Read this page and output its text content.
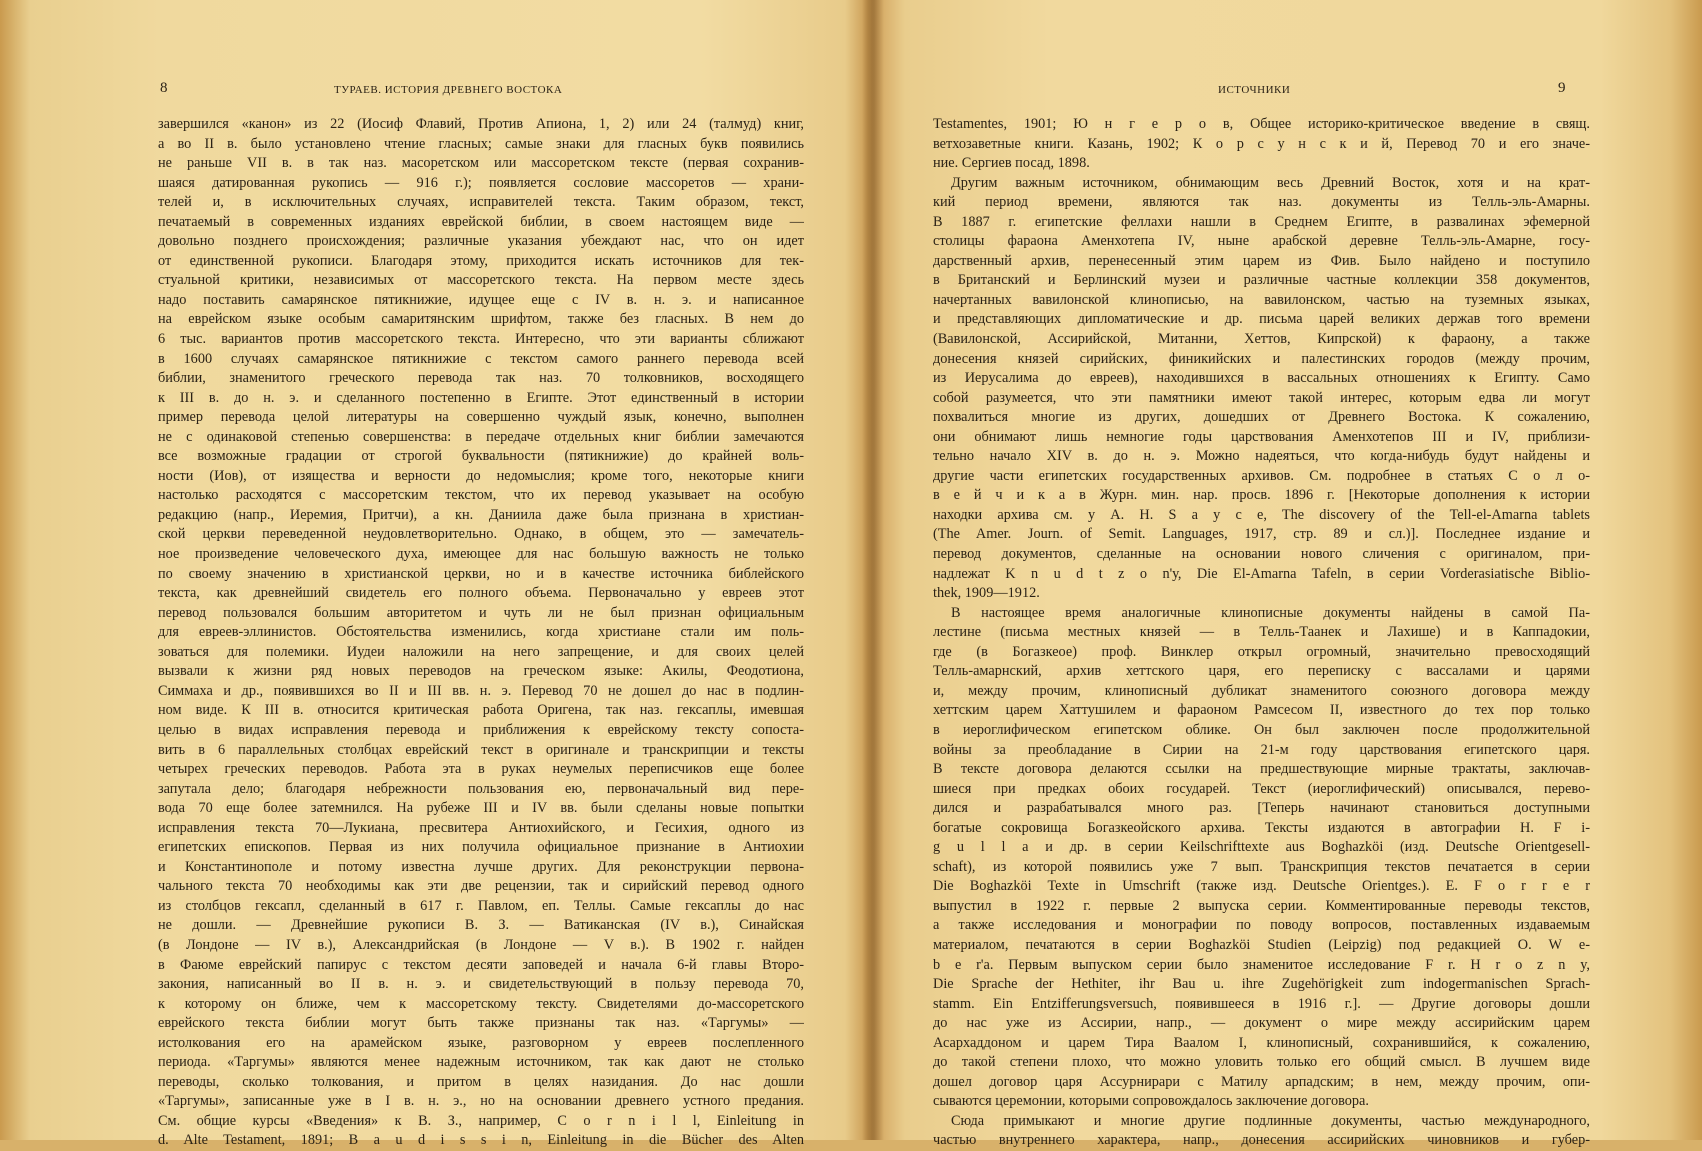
8	ТУРАЕВ. ИСТОРИЯ ДРЕВНЕГО ВОСТОКА
завершился «канон» из 22 (Иосиф Флавий, Против Апиона, 1, 2) или 24 (талмуд) книг,
а во II в. было установлено чтение гласных; самые знаки для гласных букв появились
не раньше VII в. в так наз. масоретском или массоретском тексте (первая сохранив-
шаяся датированная рукопись — 916 г.); появляется сословие массоретов — храни-
телей и, в исключительных случаях, исправителей текста. Таким образом, текст,
печатаемый в современных изданиях еврейской библии, в своем настоящем виде —
довольно позднего происхождения; различные указания убеждают нас, что он идет
от единственной рукописи. Благодаря этому, приходится искать источников для тек-
стуальной критики, независимых от массоретского текста. На первом месте здесь
надо поставить самарянское пятикнижие, идущее еще с IV в. н. э. и написанное
на еврейском языке особым самаритянским шрифтом, также без гласных. В нем до
6 тыс. вариантов против массоретского текста. Интересно, что эти варианты сближают
в 1600 случаях самарянское пятикнижие с текстом самого раннего перевода всей
библии, знаменитого греческого перевода так наз. 70 толковников, восходящего
к III в. до н. э. и сделанного постепенно в Египте. Этот единственный в истории
пример перевода целой литературы на совершенно чуждый язык, конечно, выполнен
не с одинаковой степенью совершенства: в передаче отдельных книг библии замечаются
все возможные градации от строгой буквальности (пятикнижие) до крайней воль-
ности (Иов), от изящества и верности до недомыслия; кроме того, некоторые книги
настолько расходятся с массоретским текстом, что их перевод указывает на особую
редакцию (напр., Иеремия, Притчи), а кн. Даниила даже была признана в христиан-
ской церкви переведенной неудовлетворительно. Однако, в общем, это — замечатель-
ное произведение человеческого духа, имеющее для нас большую важность не только
по своему значению в христианской церкви, но и в качестве источника библейского
текста, как древнейший свидетель его полного объема. Первоначально у евреев этот
перевод пользовался большим авторитетом и чуть ли не был признан официальным
для евреев-эллинистов. Обстоятельства изменились, когда христиане стали им поль-
зоваться для полемики. Иудеи наложили на него запрещение, и для своих целей
вызвали к жизни ряд новых переводов на греческом языке: Акилы, Феодотиона,
Симмаха и др., появившихся во II и III вв. н. э. Перевод 70 не дошел до нас в подлин-
ном виде. К III в. относится критическая работа Оригена, так наз. гексаплы, имевшая
целью в видах исправления перевода и приближения к еврейскому тексту сопоста-
вить в 6 параллельных столбцах еврейский текст в оригинале и транскрипции и тексты
четырех греческих переводов. Работа эта в руках неумелых переписчиков еще более
запутала дело; благодаря небрежности пользования ею, первоначальный вид пере-
вода 70 еще более затемнился. На рубеже III и IV вв. были сделаны новые попытки
исправления текста 70—Лукиана, пресвитера Антиохийского, и Гесихия, одного из
египетских епископов. Первая из них получила официальное признание в Антиохии
и Константинополе и потому известна лучше других. Для реконструкции первона-
чального текста 70 необходимы как эти две рецензии, так и сирийский перевод одного
из столбцов гексапл, сделанный в 617 г. Павлом, еп. Теллы. Самые гексаплы до нас
не дошли. — Древнейшие рукописи В. З. — Ватиканская (IV в.), Синайская
(в Лондоне — IV в.), Александрийская (в Лондоне — V в.). В 1902 г. найден
в Фаюме еврейский папирус с текстом десяти заповедей и начала 6-й главы Второ-
закония, написанный во II в. н. э. и свидетельствующий в пользу перевода 70,
к которому он ближе, чем к массоретскому тексту. Свидетелями до-массоретского
еврейского текста библии могут быть также признаны так наз. «Таргумы» —
истолкования его на арамейском языке, разговорном у евреев послепленного
периода. «Таргумы» являются менее надежным источником, так как дают не столько
переводы, сколько толкования, и притом в целях назидания. До нас дошли
«Таргумы», записанные уже в I в. н. э., но на основании древнего устного предания.
См. общие курсы «Введения» к В. З., например, C o r n i l l, Einleitung in
d. Alte Testament, 1891; B a u d i s s i n, Einleitung in die Bücher des Alten
ИСТОЧНИКИ	9
Testamentes, 1901; Ю н г е р о в, Общее историко-критическое введение в свящ.
ветхозаветные книги. Казань, 1902; К о р с у н с к и й, Перевод 70 и его значе-
ние. Сергиев посад, 1898.
Другим важным источником, обнимающим весь Древний Восток, хотя и на крат-
кий период времени, являются так наз. документы из Телль-эль-Амарны.
В 1887 г. египетские феллахи нашли в Среднем Египте, в развалинах эфемерной
столицы фараона Аменхотепа IV, ныне арабской деревне Телль-эль-Амарне, госу-
дарственный архив, перенесенный этим царем из Фив. Было найдено и поступило
в Британский и Берлинский музеи и различные частные коллекции 358 документов,
начертанных вавилонской клинописью, на вавилонском, частью на туземных языках,
и представляющих дипломатические и др. письма царей великих держав того времени
(Вавилонской, Ассирийской, Митанни, Хеттов, Кипрской) к фараону, а также
донесения князей сирийских, финикийских и палестинских городов (между прочим,
из Иерусалима до евреев), находившихся в вассальных отношениях к Египту. Само
собой разумеется, что эти памятники имеют такой интерес, которым едва ли могут
похвалиться многие из других, дошедших от Древнего Востока. К сожалению,
они обнимают лишь немногие годы царствования Аменхотепов III и IV, приблизи-
тельно начало XIV в. до н. э. Можно надеяться, что когда-нибудь будут найдены и
другие части египетских государственных архивов. См. подробнее в статьях С о л о-
в е й ч и к а в Журн. мин. нар. просв. 1896 г. [Некоторые дополнения к истории
находки архива см. у A. H. S a y c e, The discovery of the Tell-el-Amarna tablets
(The Amer. Journ. of Semit. Languages, 1917, стр. 89 и сл.)]. Последнее издание и
перевод документов, сделанные на основании нового сличения с оригиналом, при-
надлежат K n u d t z o n'у, Die El-Amarna Tafeln, в серии Vorderasiatische Biblio-
thek, 1909—1912.
В настоящее время аналогичные клинописные документы найдены в самой Па-
лестине (письма местных князей — в Телль-Таанек и Лахише) и в Каппадокии,
где (в Богазкеое) проф. Винклер открыл огромный, значительно превосходящий
Телль-амарнский, архив хеттского царя, его переписку с вассалами и царями
и, между прочим, клинописный дубликат знаменитого союзного договора между
хеттским царем Хаттушилем и фараоном Рамсесом II, известного до тех пор только
в иероглифическом египетском облике. Он был заключен после продолжительной
войны за преобладание в Сирии на 21-м году царствования египетского царя.
В тексте договора делаются ссылки на предшествующие мирные трактаты, заключав-
шиеся при предках обоих государей. Текст (иероглифический) описывался, перево-
дился и разрабатывался много раз. [Теперь начинают становиться доступными
богатые сокровища Богазкеойского архива. Тексты издаются в автографии H. F i-
g u l l a и др. в серии Keilschrifttexte aus Boghazköi (изд. Deutsche Orientgesell-
schaft), из которой появились уже 7 вып. Транскрипция текстов печатается в серии
Die Boghazköi Texte in Umschrift (также изд. Deutsche Orientges.). E. F o r r e r
выпустил в 1922 г. первые 2 выпуска серии. Комментированные переводы текстов,
а также исследования и монографии по поводу вопросов, поставленных издаваемым
материалом, печатаются в серии Boghazköi Studien (Leipzig) под редакцией O. W e-
b e r'a. Первым выпуском серии было знаменитое исследование F r. H r o z n y,
Die Sprache der Hethiter, ihr Bau u. ihre Zugehörigkeit zum indogermanischen Sprach-
stamm. Ein Entzifferungsversuch, появившееся в 1916 г.]. — Другие договоры дошли
до нас уже из Ассирии, напр., — документ о мире между ассирийским царем
Асархаддоном и царем Тира Ваалом I, клинописный, сохранившийся, к сожалению,
до такой степени плохо, что можно уловить только его общий смысл. В лучшем виде
дошел договор царя Ассурнирари с Матилу арпадским; в нем, между прочим, опи-
сываются церемонии, которыми сопровождалось заключение договора.
Сюда примыкают и многие другие подлинные документы, частью международного,
частью внутреннего характера, напр., донесения ассирийских чиновников и губер-
